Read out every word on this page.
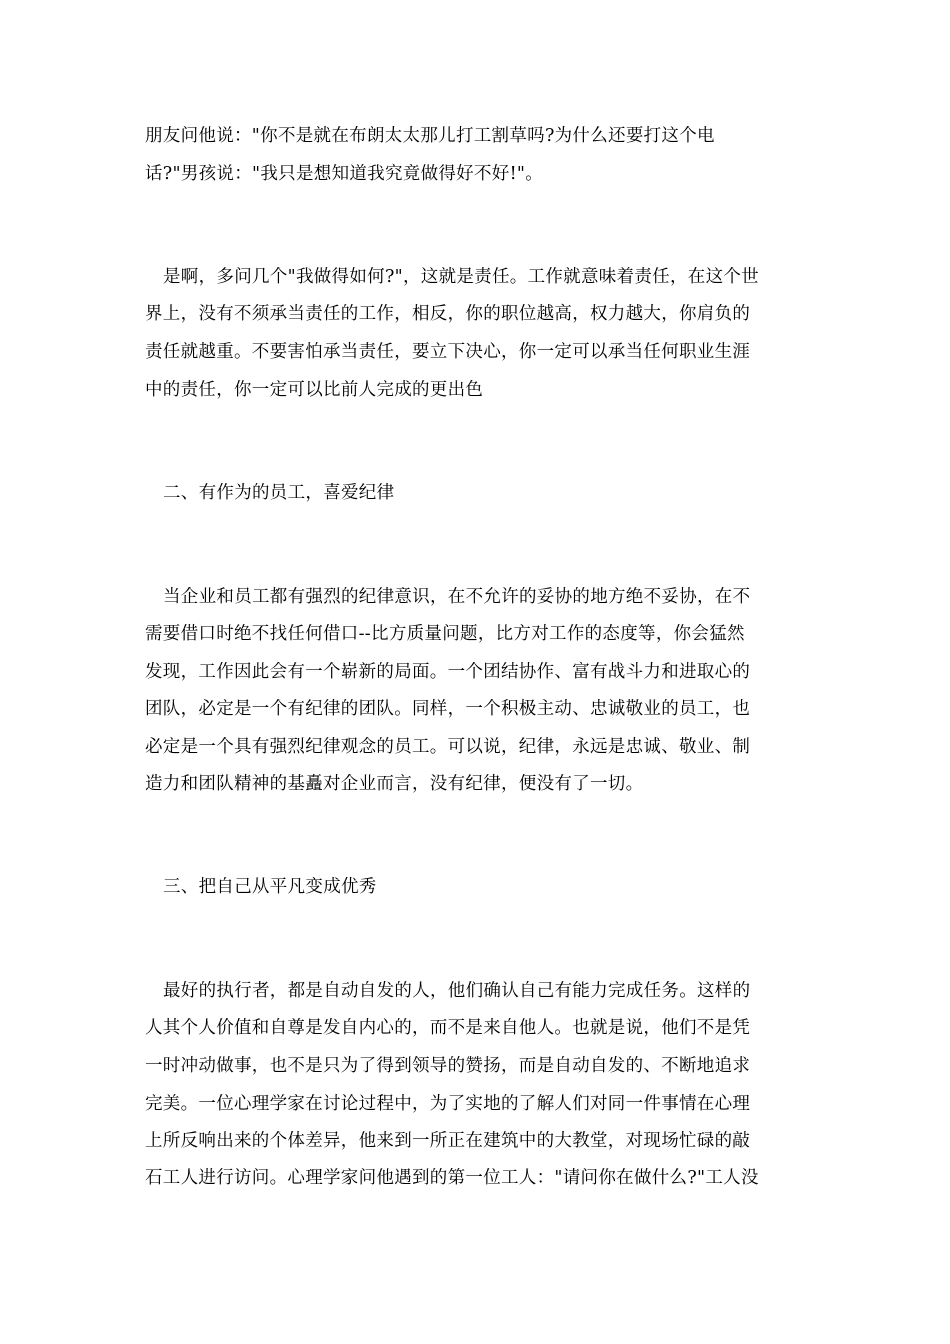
朋友问他说："你不是就在布朗太太那儿打工割草吗?为什么还要打这个电
话?"男孩说："我只是想知道我究竟做得好不好!"。
是啊，多问几个"我做得如何?"，这就是责任。工作就意味着责任，在这个世
界上，没有不须承当责任的工作，相反，你的职位越高，权力越大，你肩负的
责任就越重。不要害怕承当责任，要立下决心，你一定可以承当任何职业生涯
中的责任，你一定可以比前人完成的更出色
二、有作为的员工，喜爱纪律
当企业和员工都有强烈的纪律意识，在不允许的妥协的地方绝不妥协，在不
需要借口时绝不找任何借口--比方质量问题，比方对工作的态度等，你会猛然
发现，工作因此会有一个崭新的局面。一个团结协作、富有战斗力和进取心的
团队，必定是一个有纪律的团队。同样，一个积极主动、忠诚敬业的员工，也
必定是一个具有强烈纪律观念的员工。可以说，纪律，永远是忠诚、敬业、制
造力和团队精神的基矗对企业而言，没有纪律，便没有了一切。
三、把自己从平凡变成优秀
最好的执行者，都是自动自发的人，他们确认自己有能力完成任务。这样的
人其个人价值和自尊是发自内心的，而不是来自他人。也就是说，他们不是凭
一时冲动做事，也不是只为了得到领导的赞扬，而是自动自发的、不断地追求
完美。一位心理学家在讨论过程中，为了实地的了解人们对同一件事情在心理
上所反响出来的个体差异，他来到一所正在建筑中的大教堂，对现场忙碌的敲
石工人进行访问。心理学家问他遇到的第一位工人："请问你在做什么?"工人没
